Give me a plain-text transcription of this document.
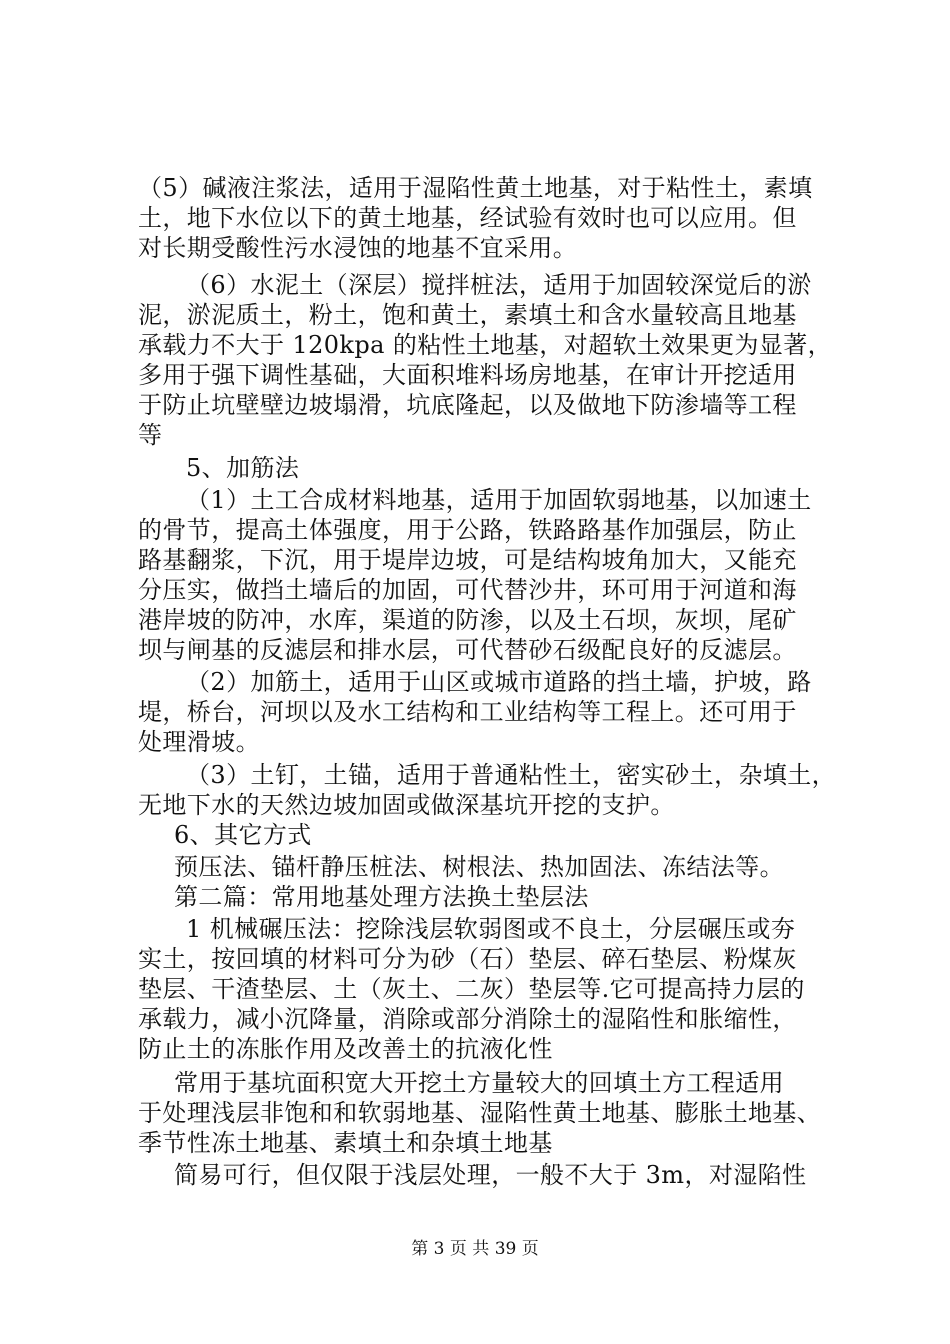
（5）碱液注浆法，适用于湿陷性黄土地基，对于粘性土，素填
土，地下水位以下的黄土地基，经试验有效时也可以应用。但
对长期受酸性污水浸蚀的地基不宜采用。
（6）水泥土（深层）搅拌桩法，适用于加固较深觉后的淤
泥，淤泥质土，粉土，饱和黄土，素填土和含水量较高且地基
承载力不大于 120kpa 的粘性土地基，对超软土效果更为显著，
多用于强下调性基础，大面积堆料场房地基，在审计开挖适用
于防止坑壁壁边坡塌滑，坑底隆起，以及做地下防渗墙等工程
等
5、加筋法
（1）土工合成材料地基，适用于加固软弱地基，以加速土
的骨节，提高土体强度，用于公路，铁路路基作加强层，防止
路基翻浆，下沉，用于堤岸边坡，可是结构坡角加大，又能充
分压实，做挡土墙后的加固，可代替沙井，环可用于河道和海
港岸坡的防冲，水库，渠道的防渗，以及土石坝，灰坝，尾矿
坝与闸基的反滤层和排水层，可代替砂石级配良好的反滤层。
（2）加筋土，适用于山区或城市道路的挡土墙，护坡，路
堤，桥台，河坝以及水工结构和工业结构等工程上。还可用于
处理滑坡。
（3）土钉，土锚，适用于普通粘性土，密实砂土，杂填土，
无地下水的天然边坡加固或做深基坑开挖的支护。
6、其它方式
预压法、锚杆静压桩法、树根法、热加固法、冻结法等。
第二篇：常用地基处理方法换土垫层法
1 机械碾压法：挖除浅层软弱图或不良土，分层碾压或夯
实土，按回填的材料可分为砂（石）垫层、碎石垫层、粉煤灰
垫层、干渣垫层、土（灰土、二灰）垫层等.它可提高持力层的
承载力，减小沉降量，消除或部分消除土的湿陷性和胀缩性，
防止土的冻胀作用及改善土的抗液化性
常用于基坑面积宽大开挖土方量较大的回填土方工程适用
于处理浅层非饱和和软弱地基、湿陷性黄土地基、膨胀土地基、
季节性冻土地基、素填土和杂填土地基
简易可行，但仅限于浅层处理，一般不大于 3m，对湿陷性
第 3 页 共 39 页
